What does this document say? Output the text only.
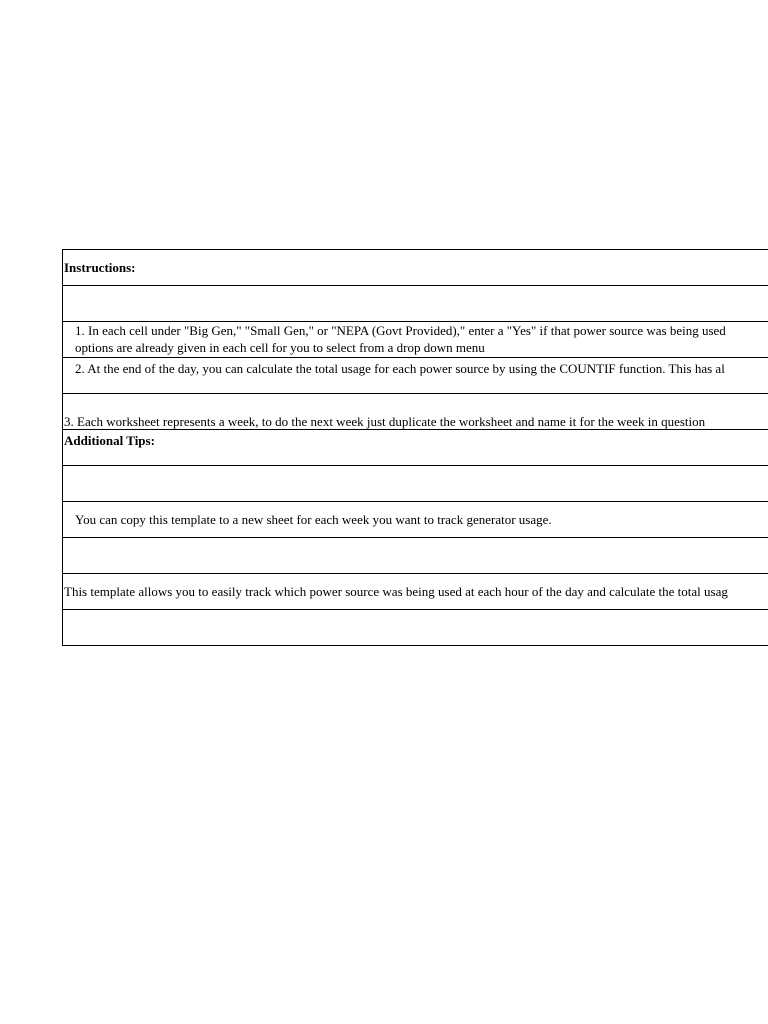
Instructions:
1. In each cell under "Big Gen," "Small Gen," or "NEPA (Govt Provided)," enter a "Yes" if that power source was being used
options are already given in each cell for you to select from a drop down menu
2. At the end of the day, you can calculate the total usage for each power source by using the COUNTIF function. This has al
3. Each worksheet represents a week, to do the next week just duplicate the worksheet and name it for the week in question
Additional Tips:
You can copy this template to a new sheet for each week you want to track generator usage.
This template allows you to easily track which power source was being used at each hour of the day and calculate the total usag
